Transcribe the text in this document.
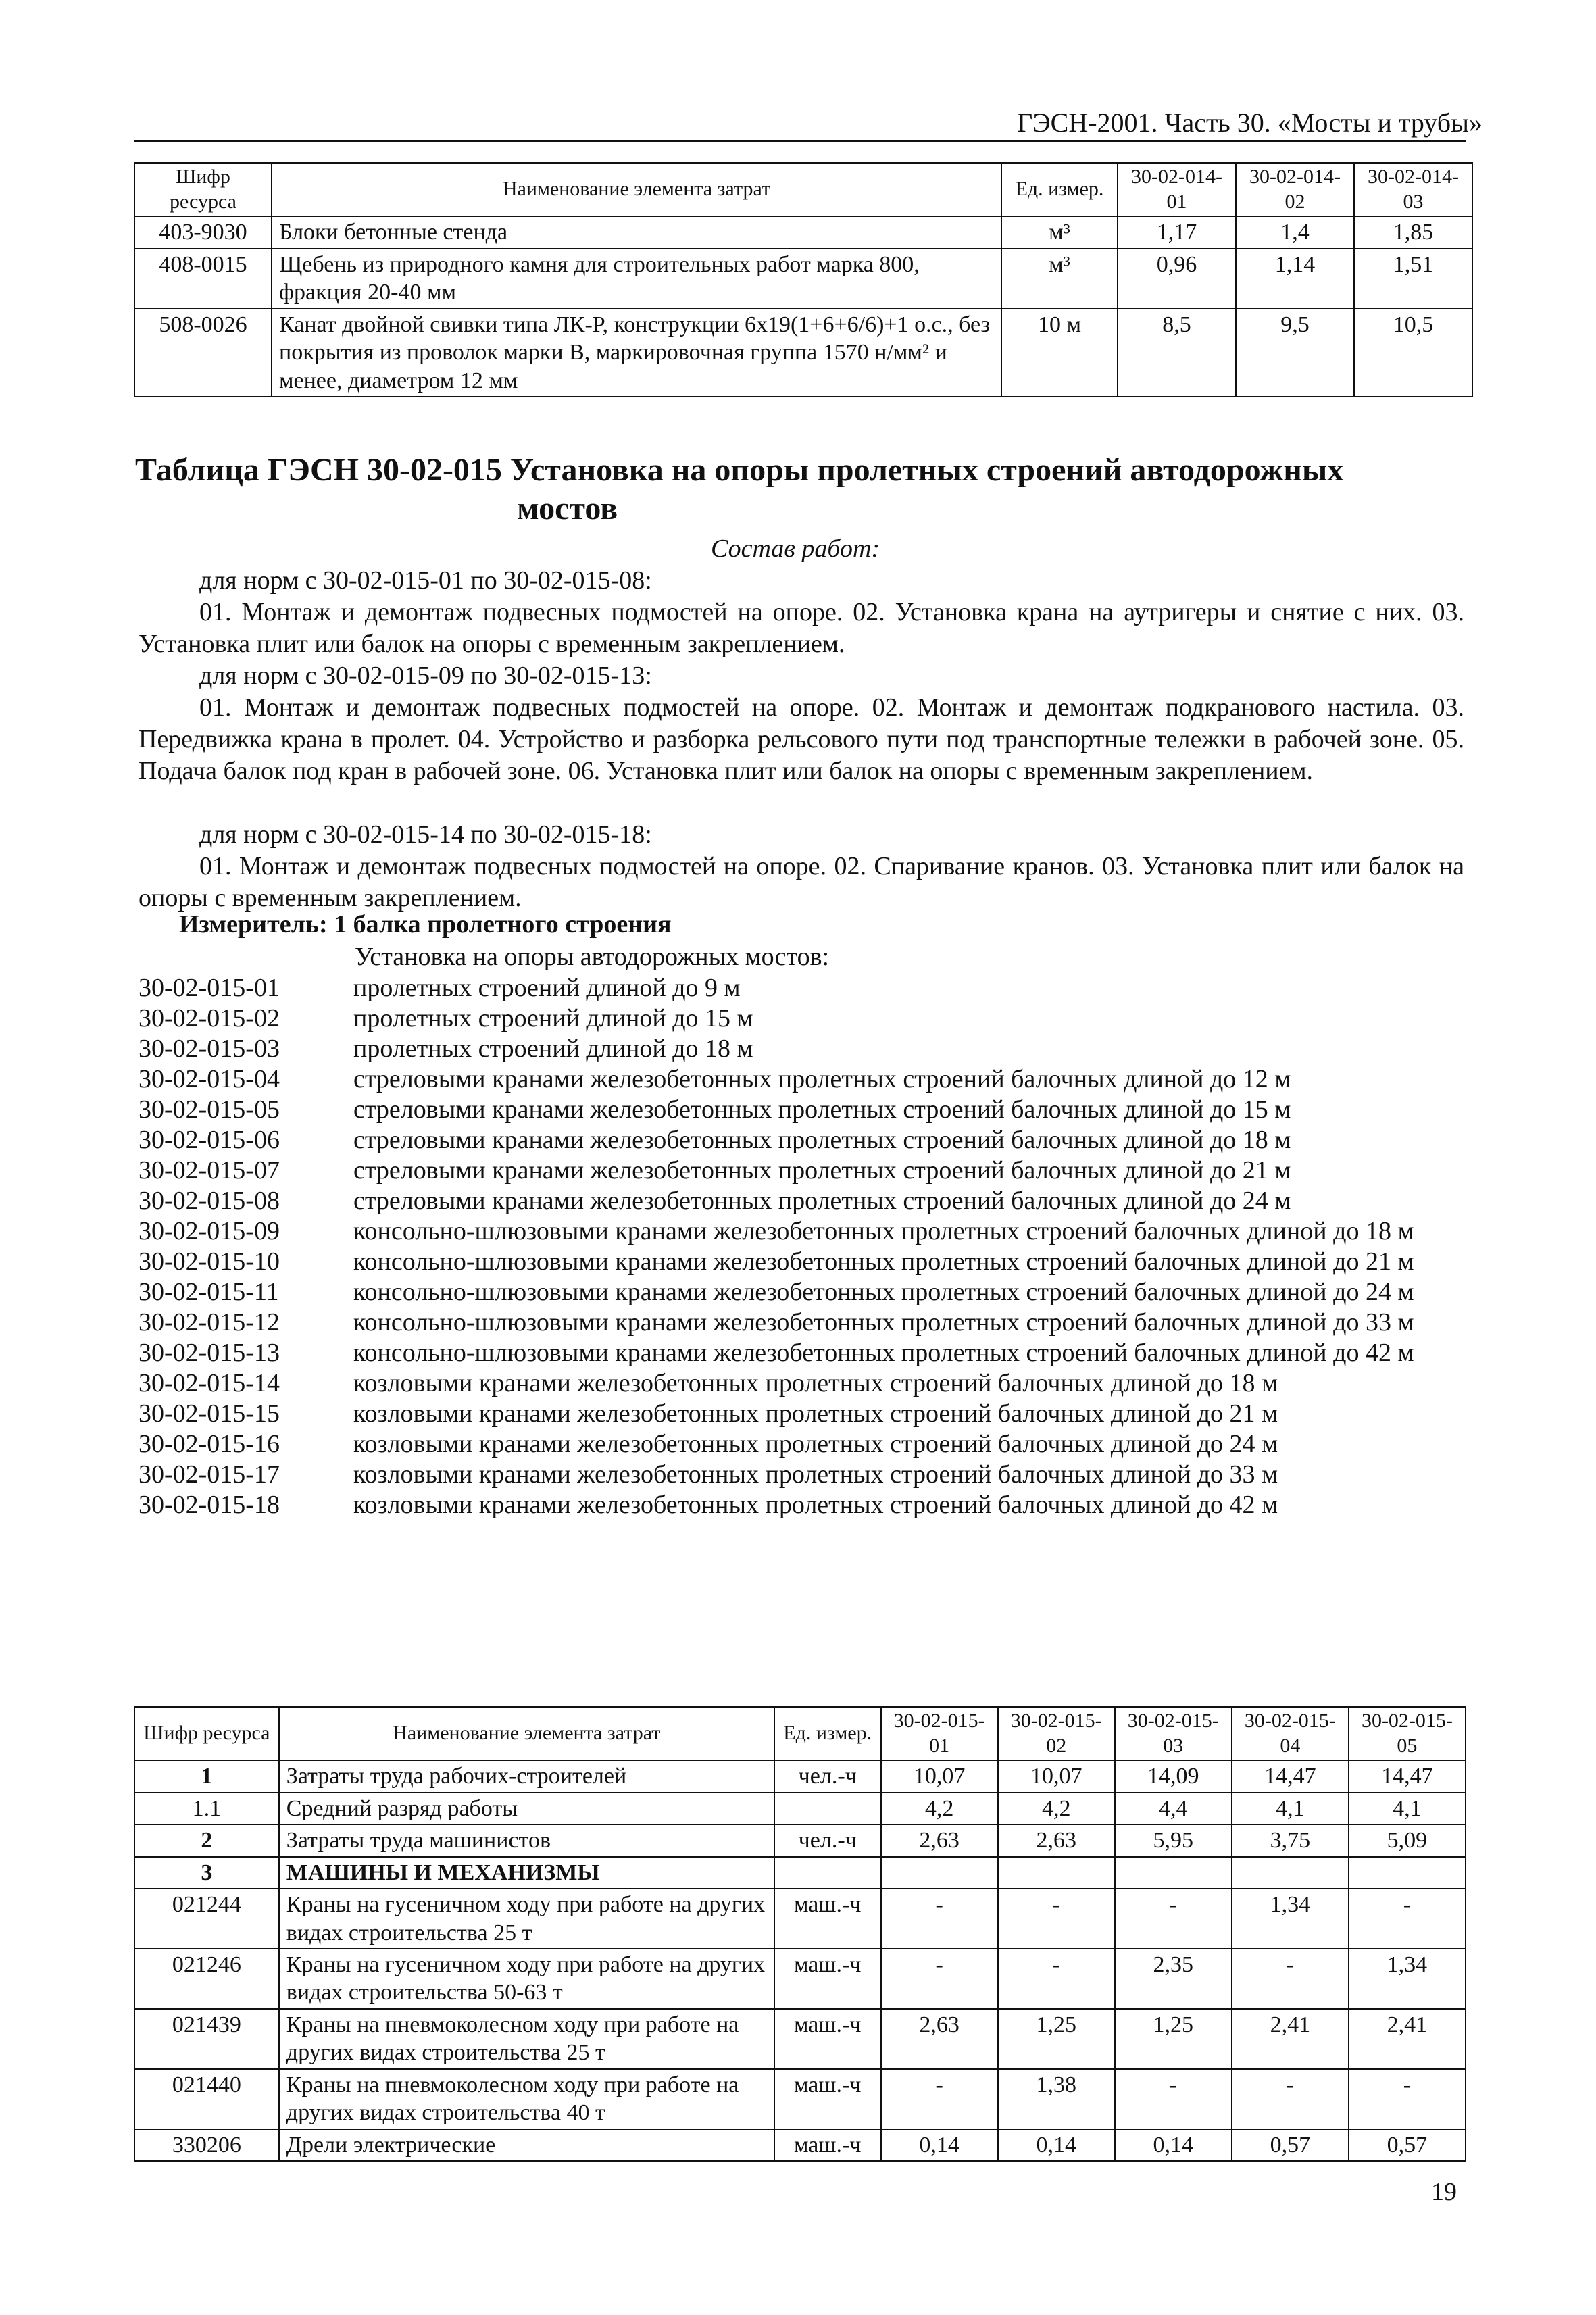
ГЭСН-2001. Часть 30. «Мосты и трубы»
Шифр ресурса	Наименование элемента затрат	Ед. измер.	30-02-014-01	30-02-014-02	30-02-014-03
403-9030	Блоки бетонные стенда	м³	1,17	1,4	1,85
408-0015	Щебень из природного камня для строительных работ марка 800, фракция 20-40 мм	м³	0,96	1,14	1,51
508-0026	Канат двойной свивки типа ЛК-Р, конструкции 6х19(1+6+6/6)+1 о.с., без покрытия из проволок марки В, маркировочная группа 1570 н/мм² и менее, диаметром 12 мм	10 м	8,5	9,5	10,5
Таблица ГЭСН 30-02-015 Установка на опоры пролетных строений автодорожных
мостов
Состав работ:
для норм с 30-02-015-01 по 30-02-015-08:
01. Монтаж и демонтаж подвесных подмостей на опоре. 02. Установка крана на аутригеры и снятие с них. 03. Установка плит или балок на опоры с временным закреплением.
для норм с 30-02-015-09 по 30-02-015-13:
01. Монтаж и демонтаж подвесных подмостей на опоре. 02. Монтаж и демонтаж подкранового настила. 03. Передвижка крана в пролет. 04. Устройство и разборка рельсового пути под транспортные тележки в рабочей зоне. 05. Подача балок под кран в рабочей зоне. 06. Установка плит или балок на опоры с временным закреплением.
для норм с 30-02-015-14 по 30-02-015-18:
01. Монтаж и демонтаж подвесных подмостей на опоре. 02. Спаривание кранов. 03. Установка плит или балок на опоры с временным закреплением.
Измеритель: 1 балка пролетного строения
Установка на опоры автодорожных мостов:
30-02-015-01	пролетных строений длиной до 9 м
30-02-015-02	пролетных строений длиной до 15 м
30-02-015-03	пролетных строений длиной до 18 м
30-02-015-04	стреловыми кранами железобетонных пролетных строений балочных длиной до 12 м
30-02-015-05	стреловыми кранами железобетонных пролетных строений балочных длиной до 15 м
30-02-015-06	стреловыми кранами железобетонных пролетных строений балочных длиной до 18 м
30-02-015-07	стреловыми кранами железобетонных пролетных строений балочных длиной до 21 м
30-02-015-08	стреловыми кранами железобетонных пролетных строений балочных длиной до 24 м
30-02-015-09	консольно-шлюзовыми кранами железобетонных пролетных строений балочных длиной до 18 м
30-02-015-10	консольно-шлюзовыми кранами железобетонных пролетных строений балочных длиной до 21 м
30-02-015-11	консольно-шлюзовыми кранами железобетонных пролетных строений балочных длиной до 24 м
30-02-015-12	консольно-шлюзовыми кранами железобетонных пролетных строений балочных длиной до 33 м
30-02-015-13	консольно-шлюзовыми кранами железобетонных пролетных строений балочных длиной до 42 м
30-02-015-14	козловыми кранами железобетонных пролетных строений балочных длиной до 18 м
30-02-015-15	козловыми кранами железобетонных пролетных строений балочных длиной до 21 м
30-02-015-16	козловыми кранами железобетонных пролетных строений балочных длиной до 24 м
30-02-015-17	козловыми кранами железобетонных пролетных строений балочных длиной до 33 м
30-02-015-18	козловыми кранами железобетонных пролетных строений балочных длиной до 42 м
Шифр ресурса	Наименование элемента затрат	Ед. измер.	30-02-015-01	30-02-015-02	30-02-015-03	30-02-015-04	30-02-015-05
1	Затраты труда рабочих-строителей	чел.-ч	10,07	10,07	14,09	14,47	14,47
1.1	Средний разряд работы		4,2	4,2	4,4	4,1	4,1
2	Затраты труда машинистов	чел.-ч	2,63	2,63	5,95	3,75	5,09
3	МАШИНЫ И МЕХАНИЗМЫ						
021244	Краны на гусеничном ходу при работе на других видах строительства 25 т	маш.-ч	-	-	-	1,34	-
021246	Краны на гусеничном ходу при работе на других видах строительства 50-63 т	маш.-ч	-	-	2,35	-	1,34
021439	Краны на пневмоколесном ходу при работе на других видах строительства 25 т	маш.-ч	2,63	1,25	1,25	2,41	2,41
021440	Краны на пневмоколесном ходу при работе на других видах строительства 40 т	маш.-ч	-	1,38	-	-	-
330206	Дрели электрические	маш.-ч	0,14	0,14	0,14	0,57	0,57
19
